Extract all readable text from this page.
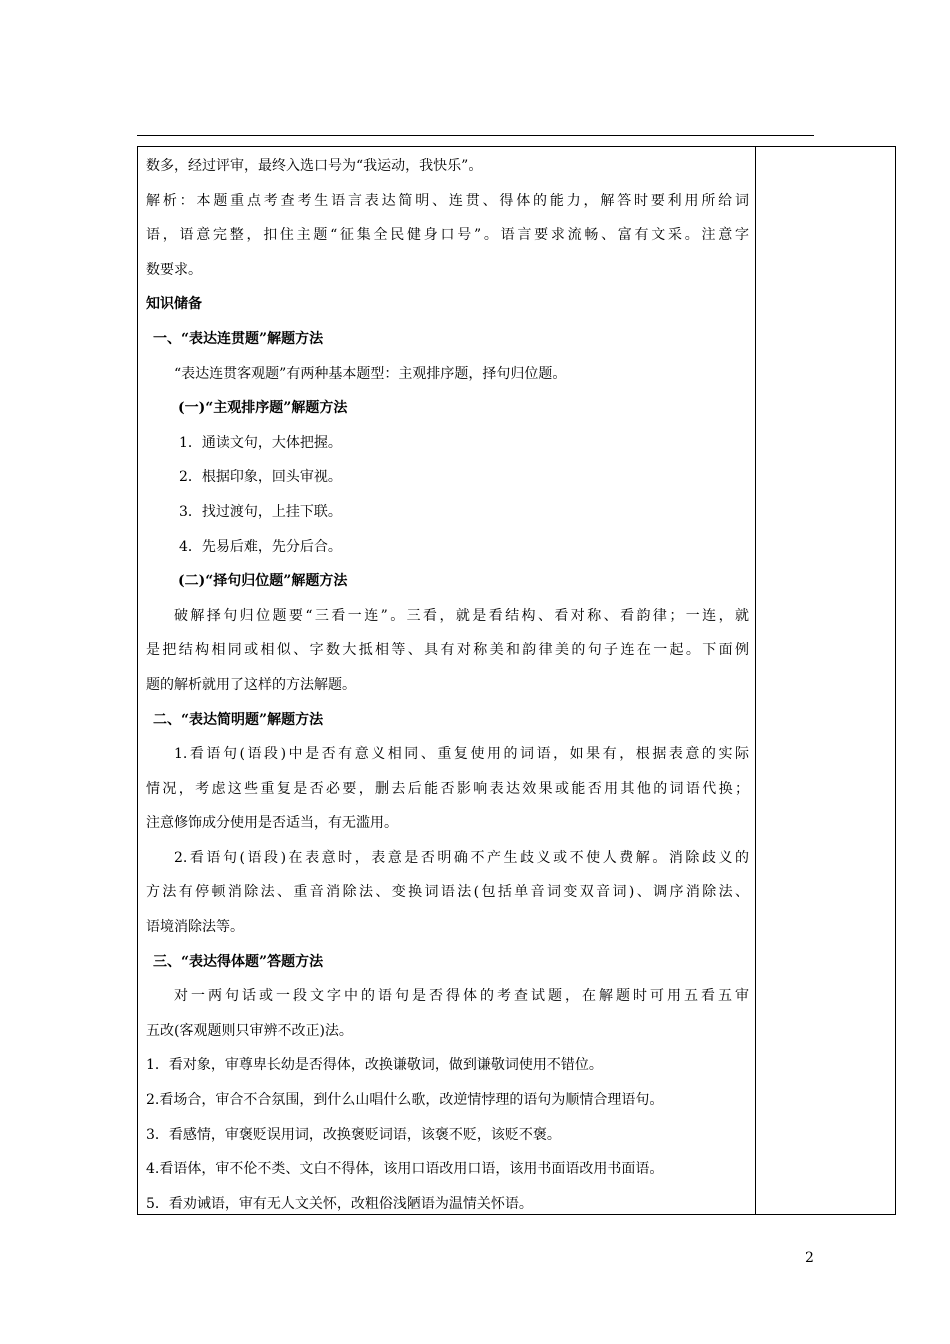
数多，经过评审，最终入选口号为“我运动，我快乐”。
解析：本题重点考查考生语言表达简明、连贯、得体的能力，解答时要利用所给词
语，语意完整，扣住主题“征集全民健身口号”。语言要求流畅、富有文采。注意字
数要求。
知识储备
一、“表达连贯题”解题方法
“表达连贯客观题”有两种基本题型：主观排序题，择句归位题。
(一)“主观排序题”解题方法
1．通读文句，大体把握。
2．根据印象，回头审视。
3．找过渡句，上挂下联。
4．先易后难，先分后合。
(二)“择句归位题”解题方法
破解择句归位题要“三看一连”。三看，就是看结构、看对称、看韵律；一连，就
是把结构相同或相似、字数大抵相等、具有对称美和韵律美的句子连在一起。下面例
题的解析就用了这样的方法解题。
二、“表达简明题”解题方法
1.看语句(语段)中是否有意义相同、重复使用的词语，如果有，根据表意的实际
情况，考虑这些重复是否必要，删去后能否影响表达效果或能否用其他的词语代换；
注意修饰成分使用是否适当，有无滥用。
2.看语句(语段)在表意时，表意是否明确不产生歧义或不使人费解。消除歧义的
方法有停顿消除法、重音消除法、变换词语法(包括单音词变双音词)、调序消除法、
语境消除法等。
三、“表达得体题”答题方法
对一两句话或一段文字中的语句是否得体的考查试题，在解题时可用五看五审
五改(客观题则只审辨不改正)法。
1．看对象，审尊卑长幼是否得体，改换谦敬词，做到谦敬词使用不错位。
2.看场合，审合不合氛围，到什么山唱什么歌，改逆情悖理的语句为顺情合理语句。
3．看感情，审褒贬误用词，改换褒贬词语，该褒不贬，该贬不褒。
4.看语体，审不伦不类、文白不得体，该用口语改用口语，该用书面语改用书面语。
5．看劝诫语，审有无人文关怀，改粗俗浅陋语为温情关怀语。
2
